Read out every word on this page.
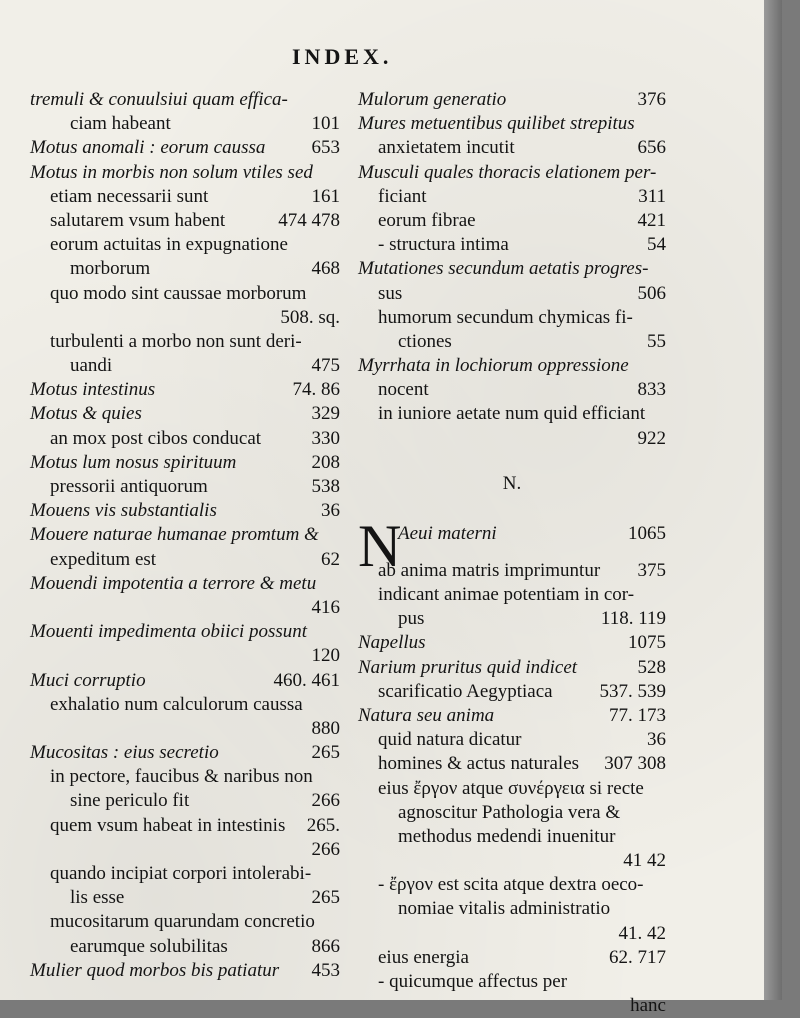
INDEX.
tremuli & conuulsiui quam effica-
ciam habeant	101
Motus anomali : eorum caussa 653
Motus in morbis non solum vtiles sed
etiam necessarii sunt	161
salutarem vsum habent	474 478
eorum actuitas in expugnatione
morborum	468
quo modo sint caussae morborum
508. sq.
turbulenti a morbo non sunt deri-
uandi	475
Motus intestinus	74. 86
Motus & quies	329
an mox post cibos conducat	330
Motus lum nosus spirituum	208
pressorii antiquorum	538
Mouens vis substantialis	36
Mouere naturae humanae promtum &
expeditum est	62
Mouendi impotentia a terrore & metu
416
Mouenti impedimenta obiici possunt
120
Muci corruptio	460. 461
exhalatio num calculorum caussa
880
Mucositas : eius secretio	265
in pectore, faucibus & naribus non
sine periculo fit	266
quem vsum habeat in intestinis 265.
266
quando incipiat corpori intolerabi-
lis esse	265
mucositarum quarundam concretio
earumque solubilitas	866
Mulier quod morbos bis patiatur 453
Mulorum generatio	376
Mures metuentibus quilibet strepitus
anxietatem incutit	656
Musculi quales thoracis elationem per-
ficiant	311
eorum fibrae	421
- structura intima	54
Mutationes secundum aetatis progres-
sus	506
humorum secundum chymicas fi-
ctiones	55
Myrrhata in lochiorum oppressione
nocent	833
in iuniore aetate num quid efficiant
922
N.
N
Aeui materni	1065
ab anima matris imprimuntur 375
indicant animae potentiam in cor-
pus	118. 119
Napellus	1075
Narium pruritus quid indicet	528
scarificatio Aegyptiaca 537. 539
Natura seu anima	77. 173
quid natura dicatur	36
homines & actus naturales 307 308
eius ἔργον atque συνέργεια si recte
agnoscitur Pathologia vera &
methodus medendi inuenitur
41 42
- ἔργον est scita atque dextra oeco-
nomiae vitalis administratio
41. 42
eius energia	62. 717
- quicumque affectus per
hanc
